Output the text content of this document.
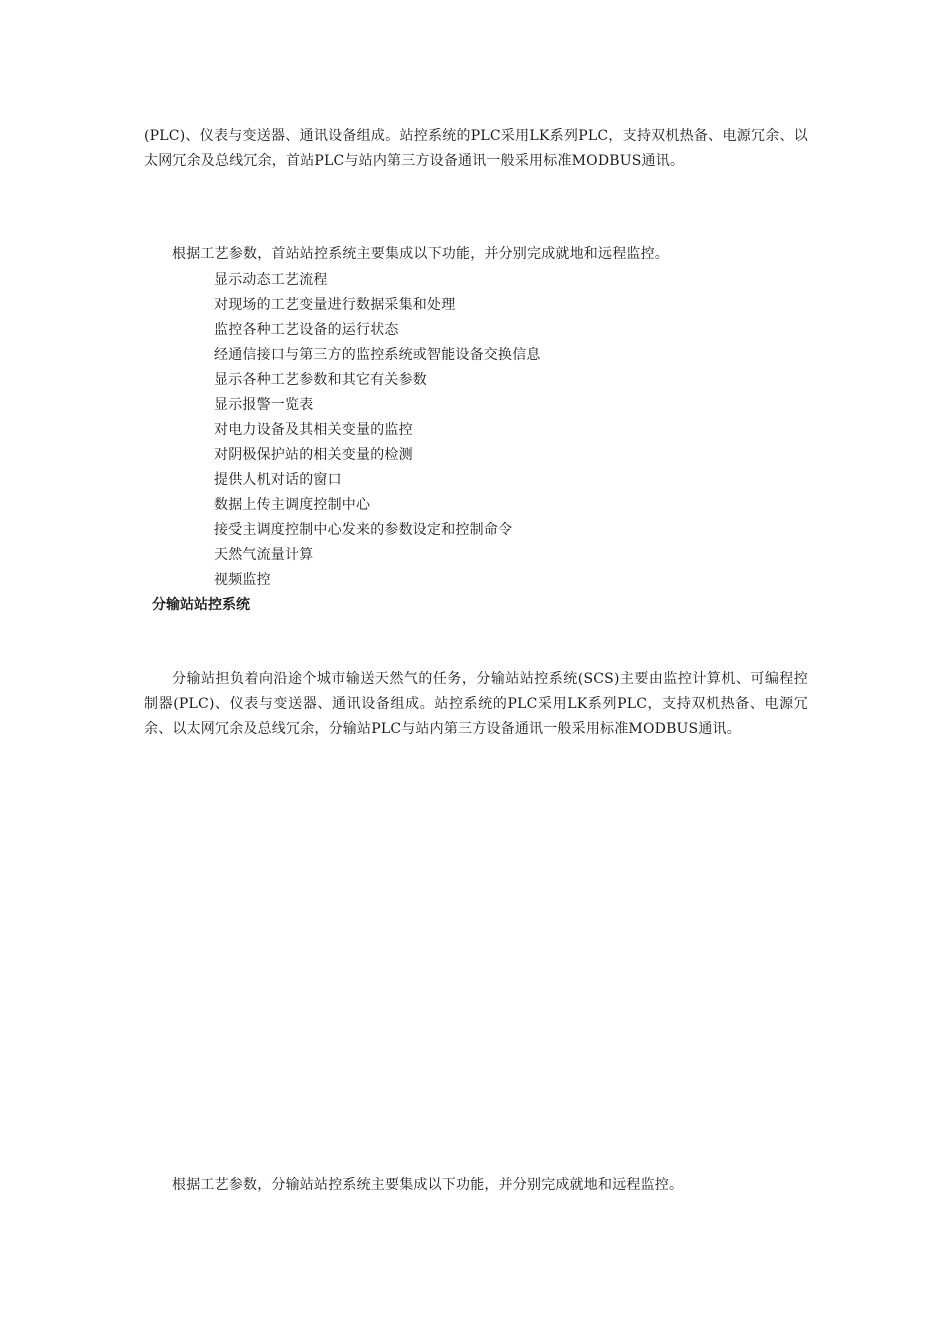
(PLC)、仪表与变送器、通讯设备组成。站控系统的PLC采用LK系列PLC，支持双机热备、电源冗余、以太网冗余及总线冗余，首站PLC与站内第三方设备通讯一般采用标准MODBUS通讯。

根据工艺参数，首站站控系统主要集成以下功能，并分别完成就地和远程监控。

显示动态工艺流程
对现场的工艺变量进行数据采集和处理
监控各种工艺设备的运行状态
经通信接口与第三方的监控系统或智能设备交换信息
显示各种工艺参数和其它有关参数
显示报警一览表
对电力设备及其相关变量的监控
对阴极保护站的相关变量的检测
提供人机对话的窗口
数据上传主调度控制中心
接受主调度控制中心发来的参数设定和控制命令
天然气流量计算
视频监控
分输站站控系统

分输站担负着向沿途个城市输送天然气的任务，分输站站控系统(SCS)主要由监控计算机、可编程控制器(PLC)、仪表与变送器、通讯设备组成。站控系统的PLC采用LK系列PLC，支持双机热备、电源冗余、以太网冗余及总线冗余，分输站PLC与站内第三方设备通讯一般采用标准MODBUS通讯。

根据工艺参数，分输站站控系统主要集成以下功能，并分别完成就地和远程监控。
